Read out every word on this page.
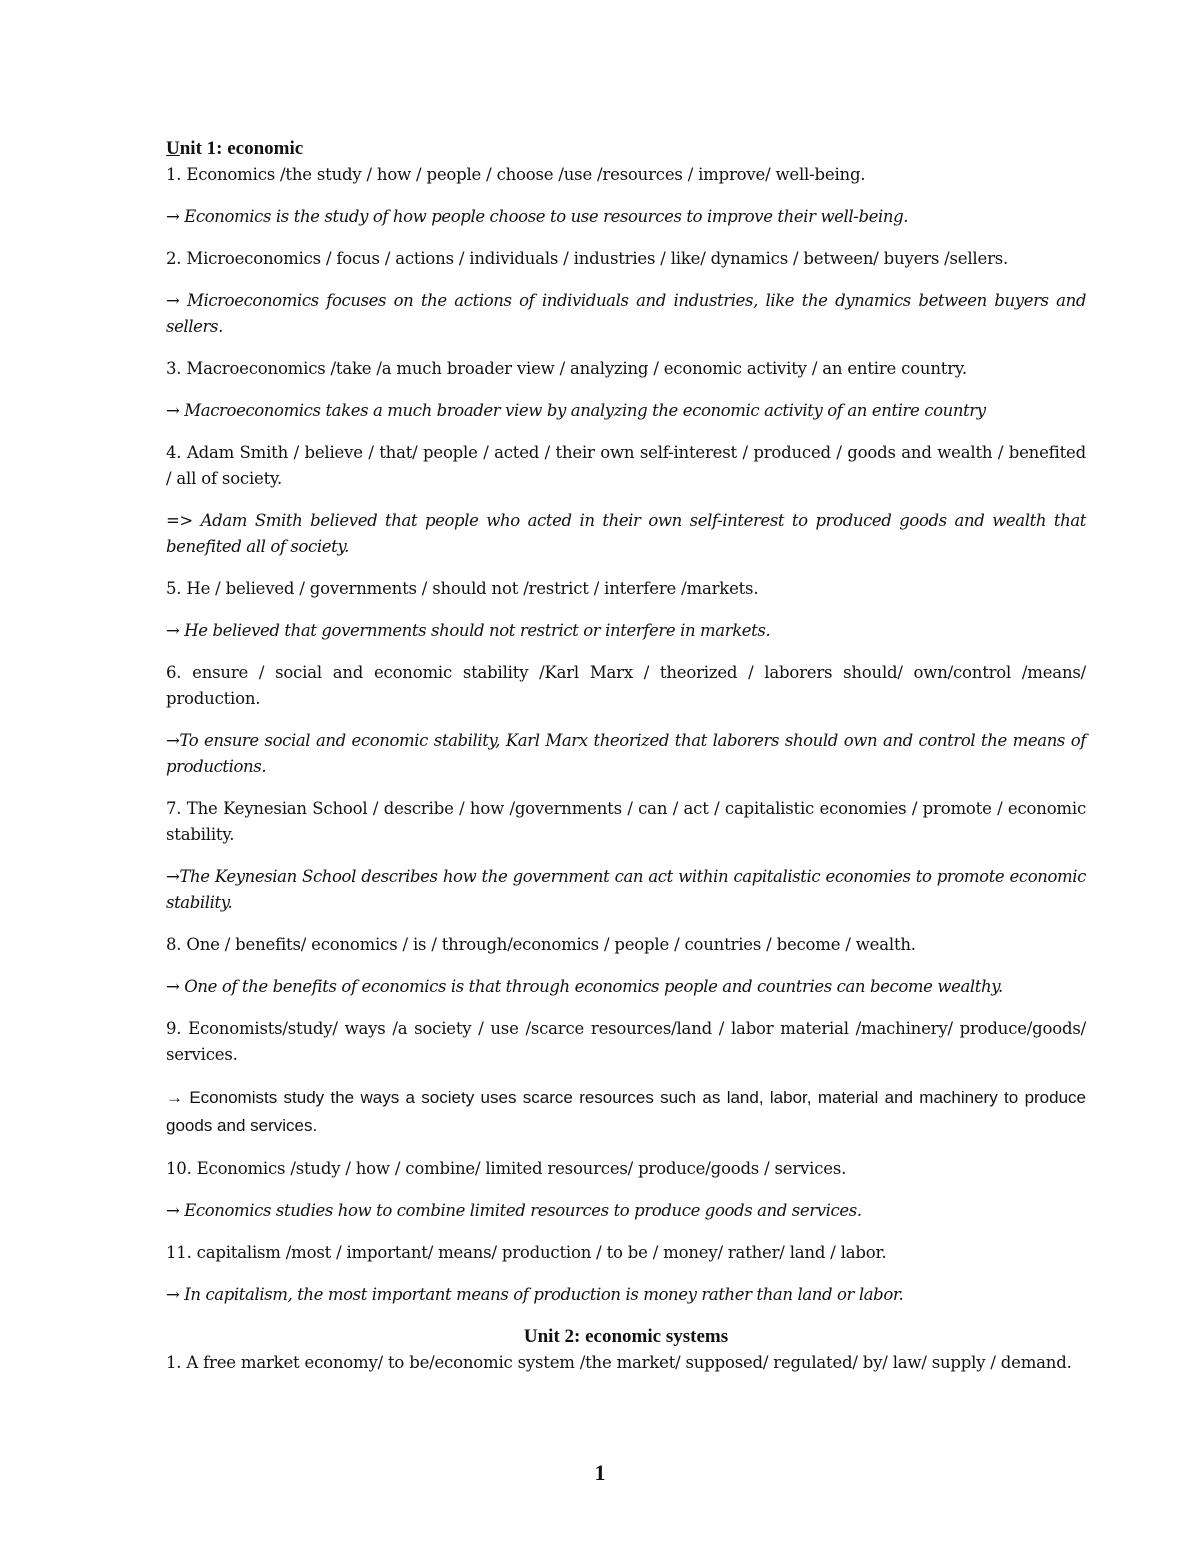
Unit 1: economic

1. Economics /the study / how / people / choose /use /resources / improve/ well-being.

→ Economics is the study of how people choose to use resources to improve their well-being.

2. Microeconomics / focus / actions / individuals / industries / like/ dynamics / between/ buyers /sellers.

→ Microeconomics focuses on the actions of individuals and industries, like the dynamics between buyers and sellers.

3. Macroeconomics /take /a much broader view / analyzing / economic activity / an entire country.

→ Macroeconomics takes a much broader view by analyzing the economic activity of an entire country

4. Adam Smith / believe / that/ people / acted / their own self-interest / produced / goods and wealth / benefited / all of society.

=> Adam Smith believed that people who acted in their own self-interest to produced goods and wealth that benefited all of society.

5. He / believed / governments / should not /restrict / interfere /markets.

→ He believed that governments should not restrict or interfere in markets.

6. ensure / social and economic stability /Karl Marx / theorized / laborers should/ own/control /means/ production.

→To ensure social and economic stability, Karl Marx theorized that laborers should own and control the means of productions.

7. The Keynesian School / describe / how /governments / can / act / capitalistic economies / promote / economic stability.

→The Keynesian School describes how the government can act within capitalistic economies to promote economic stability.

8. One / benefits/ economics / is / through/economics / people / countries / become / wealth.

→ One of the benefits of economics is that through economics people and countries can become wealthy.

9. Economists/study/ ways /a society / use /scarce resources/land / labor material /machinery/ produce/goods/ services.

→ Economists study the ways a society uses scarce resources such as land, labor, material and machinery to produce goods and services.

10. Economics /study / how / combine/ limited resources/ produce/goods / services.

→ Economics studies how to combine limited resources to produce goods and services.

11. capitalism /most / important/ means/ production / to be / money/ rather/ land / labor.

→ In capitalism, the most important means of production is money rather than land or labor.

Unit 2: economic systems

1. A free market economy/ to be/economic system /the market/ supposed/ regulated/ by/ law/ supply / demand.

1
